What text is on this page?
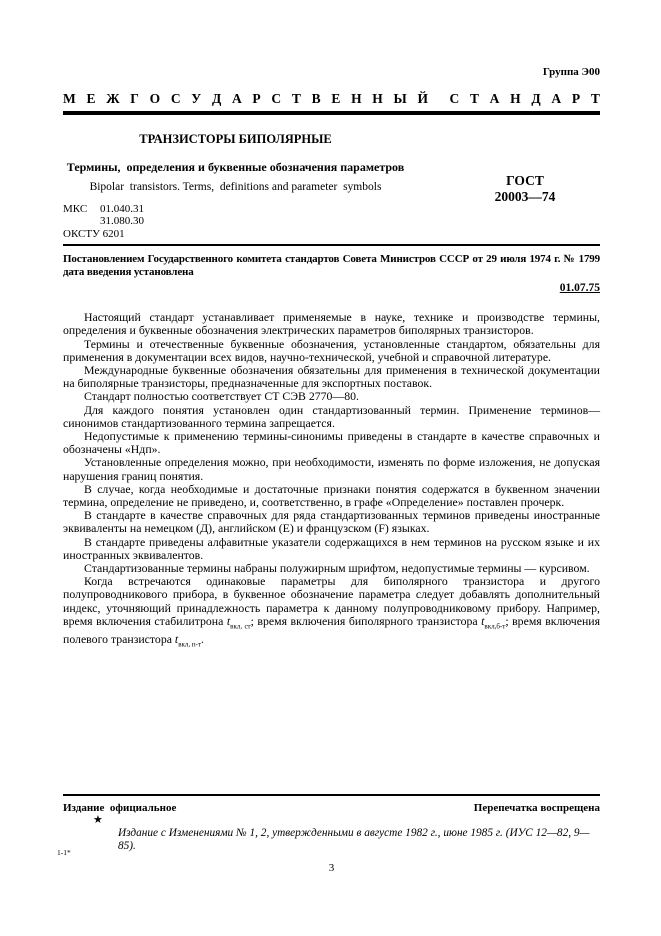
Группа Э00
М Е Ж Г О С У Д А Р С Т В Е Н Н Ы Й С Т А Н Д А Р Т
ТРАНЗИСТОРЫ БИПОЛЯРНЫЕ
Термины,  определения и буквенные обозначения параметров
Bipolar  transistors. Terms,  definitions and parameter  symbols	ГОСТ
20003—74
МКС 01.040.31
31.080.30
ОКСТУ 6201
Постановлением Государственного комитета стандартов Совета Министров СССР от 29 июля 1974 г. № 1799 дата введения установлена
01.07.75

Настоящий стандарт устанавливает применяемые в науке, технике и производстве термины, определения и буквенные обозначения электрических параметров биполярных транзисторов.

Термины и отечественные буквенные обозначения, установленные стандартом, обязательны для применения в документации всех видов, научно-технической, учебной и справочной литературе.

Международные буквенные обозначения обязательны для применения в технической документации на биполярные транзисторы, предназначенные для экспортных поставок.

Стандарт полностью соответствует СТ СЭВ 2770—80.

Для каждого понятия установлен один стандартизованный термин. Применение терминов—синонимов стандартизованного термина запрещается.

Недопустимые к применению термины-синонимы приведены в стандарте в качестве справочных и обозначены «Ндп».

Установленные определения можно, при необходимости, изменять по форме изложения, не допуская нарушения границ понятия.

В случае, когда необходимые и достаточные признаки понятия содержатся в буквенном значении термина, определение не приведено, и, соответственно, в графе «Определение» поставлен прочерк.

В стандарте в качестве справочных для ряда стандартизованных терминов приведены иностранные эквиваленты на немецком (Д), английском (Е) и французском (F) языках.

В стандарте приведены алфавитные указатели содержащихся в нем терминов на русском языке и их иностранных эквивалентов.

Стандартизованные термины набраны полужирным шрифтом, недопустимые термины — курсивом.

Когда встречаются одинаковые параметры для биполярного транзистора и другого полупроводникового прибора, в буквенное обозначение параметра следует добавлять дополнительный индекс, уточняющий принадлежность параметра к данному полупроводниковому прибору. Например, время включения стабилитрона $t_{вкл, ст}$; время включения биполярного транзистора $t_{вкл,б-т}$; время включения полевого транзистора $t_{вкл, п-т}$.

Издание  официальное	Перепечатка воспрещена
★
Издание с Изменениями № 1, 2, утвержденными в августе 1982 г., июне 1985 г. (ИУС 12—82, 9—85).
1-1*
3
